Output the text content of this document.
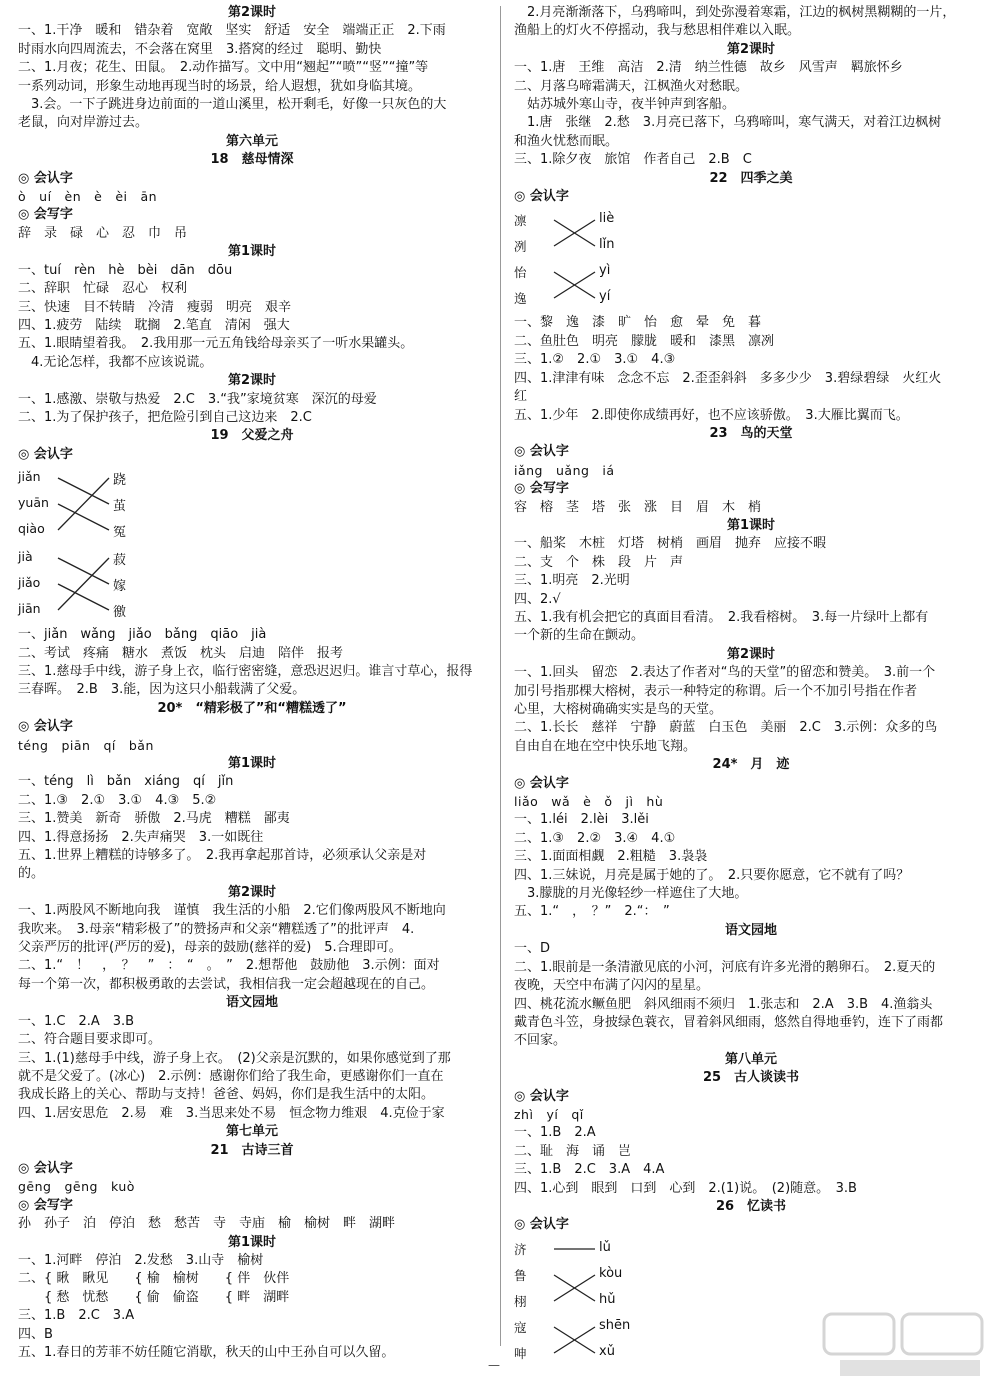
第2课时
一、1.干净　暖和　错杂着　宽敞　坚实　舒适　安全　端端正正　2.下雨
时雨水向四周流去，不会落在窝里　3.搭窝的经过　聪明、勤快
二、1.月夜；花生、田鼠。　2.动作描写。文中用“翘起”“喷”“竖”“撞”等
一系列动词，形象生动地再现当时的场景，给人遐想，犹如身临其境。
　3.会。一下子跳进身边前面的一道山溪里，松开剩毛，好像一只灰色的大
老鼠，向对岸游过去。
第六单元
18　慈母情深
◎ 会认字
ò　uí　èn　è　èi　ān
◎ 会写字
辞　录　碌　心　忍　巾　吊
第1课时
一、tuí　rèn　hè　bèi　dān　dōu
二、辞职　忙碌　忍心　权利
三、快速　目不转睛　冷清　瘦弱　明亮　艰辛
四、1.疲劳　陆续　耽搁　2.笔直　清闲　强大
五、1.眼睛望着我。　2.我用那一元五角钱给母亲买了一听水果罐头。
　4.无论怎样，我都不应该说谎。
第2课时
一、1.感激、崇敬与热爱　2.C　3.“我”家境贫寒　深沉的母爱
二、1.为了保护孩子，把危险引到自己这边来　2.C
19　父爱之舟
◎ 会认字
jiǎn
yuān
qiào
跷
茧
冤
jià
jiǎo
jiān
菽
嫁
徼
一、jiǎn　wǎng　jiǎo　bǎng　qiāo　jià
二、考试　疼痛　糖水　煮饭　枕头　启迪　陪伴　报考
三、1.慈母手中线，游子身上衣，临行密密缝，意恐迟迟归。谁言寸草心，报得
三春晖。　2.B　3.能，因为这只小船载满了父爱。
20*　“精彩极了”和“糟糕透了”
◎ 会认字
téng　piān　qí　bǎn
第1课时
一、téng　lì　bǎn　xiáng　qí　jǐn
二、1.③　2.①　3.①　4.③　5.②
三、1.赞美　新奇　骄傲　2.马虎　糟糕　鄙夷
四、1.得意扬扬　2.失声痛哭　3.一如既往
五、1.世界上糟糕的诗够多了。　2.我再拿起那首诗，必须承认父亲是对
的。
第2课时
一、1.两股风不断地向我　谨慎　我生活的小船　2.它们像两股风不断地向
我吹来。　3.母亲“精彩极了”的赞扬声和父亲“糟糕透了”的批评声　4.
父亲严厉的批评(严厉的爱)，母亲的鼓励(慈祥的爱)　5.合理即可。
二、1.“　！　，　？　”　：　“　。　”　2.想帮他　鼓励他　3.示例：面对
每一个第一次，都积极勇敢的去尝试，我相信我一定会超越现在的自己。
语文园地
一、1.C　2.A　3.B
二、符合题目要求即可。
三、1.(1)慈母手中线，游子身上衣。　(2)父亲是沉默的，如果你感觉到了那
就不是父爱了。(冰心)　2.示例：感谢你们给了我生命，更感谢你们一直在
我成长路上的关心、帮助与支持！爸爸、妈妈，你们是我生活中的太阳。
四、1.居安思危　2.易　难　3.当思来处不易　恒念物力维艰　4.克俭于家
第七单元
21　古诗三首
◎ 会认字
gēng　gēng　kuò
◎ 会写字
孙　孙子　泊　停泊　愁　愁苦　寺　寺庙　榆　榆树　畔　湖畔
第1课时
一、1.河畔　停泊　2.发愁　3.山寺　榆树
二、{ 瞅　瞅见　　{ 榆　榆树　　{ 伴　伙伴
　　{ 愁　忧愁　　{ 偷　偷盗　　{ 畔　湖畔
三、1.B　2.C　3.A
四、B
五、1.春日的芳菲不妨任随它消歇，秋天的山中王孙自可以久留。
　2.月亮渐渐落下，乌鸦啼叫，到处弥漫着寒霜，江边的枫树黑糊糊的一片，
渔船上的灯火不停摇动，我与愁思相伴难以入眠。
第2课时
一、1.唐　王维　高洁　2.清　纳兰性德　故乡　风雪声　羁旅怀乡
二、月落乌啼霜满天，江枫渔火对愁眠。
　姑苏城外寒山寺，夜半钟声到客船。
　1.唐　张继　2.愁　3.月亮已落下，乌鸦啼叫，寒气满天，对着江边枫树
和渔火忧愁而眠。
三、1.除夕夜　旅馆　作者自己　2.B　C
22　四季之美
◎ 会认字
凛
冽
怡
逸
liè
lǐn
yì
yí
一、黎　逸　漆　旷　怡　愈　晕　免　暮
二、鱼肚色　明亮　朦胧　暖和　漆黑　凛冽
三、1.②　2.①　3.①　4.③
四、1.津津有味　念念不忘　2.歪歪斜斜　多多少少　3.碧绿碧绿　火红火
红
五、1.少年　2.即使你成绩再好，也不应该骄傲。　3.大雁比翼而飞。
23　鸟的天堂
◎ 会认字
iǎng　uǎng　iá
◎ 会写字
容　榕　茎　塔　张　涨　目　眉　木　梢
第1课时
一、船桨　木桩　灯塔　树梢　画眉　抛弃　应接不暇
二、支　个　株　段　片　声
三、1.明亮　2.光明
四、2.√
五、1.我有机会把它的真面目看清。　2.我看榕树。　3.每一片绿叶上都有
一个新的生命在颤动。
第2课时
一、1.回头　留恋　2.表达了作者对“鸟的天堂”的留恋和赞美。　3.前一个
加引号指那棵大榕树，表示一种特定的称谓。后一个不加引号指在作者
心里，大榕树确确实实是鸟的天堂。
二、1.长长　慈祥　宁静　蔚蓝　白玉色　美丽　2.C　3.示例：众多的鸟
自由自在地在空中快乐地飞翔。
24*　月　迹
◎ 会认字
liǎo　wǎ　è　ǒ　jì　hù
一、1.léi　2.lèi　3.lěi
二、1.③　2.②　3.④　4.①
三、1.面面相觑　2.粗糙　3.袅袅
四、1.三妹说，月亮是属于她的了。　2.只要你愿意，它不就有了吗？
　3.朦胧的月光像轻纱一样遮住了大地。
五、1.“　，　？”　2.“：　”
语文园地
一、D
二、1.眼前是一条清澈见底的小河，河底有许多光滑的鹅卵石。　2.夏天的
夜晚，天空中布满了闪闪的星星。
四、桃花流水鳜鱼肥　斜风细雨不须归　1.张志和　2.A　3.B　4.渔翁头
戴青色斗笠，身披绿色蓑衣，冒着斜风细雨，悠然自得地垂钓，连下了雨都
不回家。
第八单元
25　古人谈读书
◎ 会认字
zhì　yí　qǐ
一、1.B　2.A
二、耻　海　诵　岂
三、1.B　2.C　3.A　4.A
四、1.心到　眼到　口到　心到　2.(1)说。　(2)随意。　3.B
26　忆读书
◎ 会认字
济
鲁
栩
寇
呻
lǔ
kòu
hǔ
shēn
xǔ
—
